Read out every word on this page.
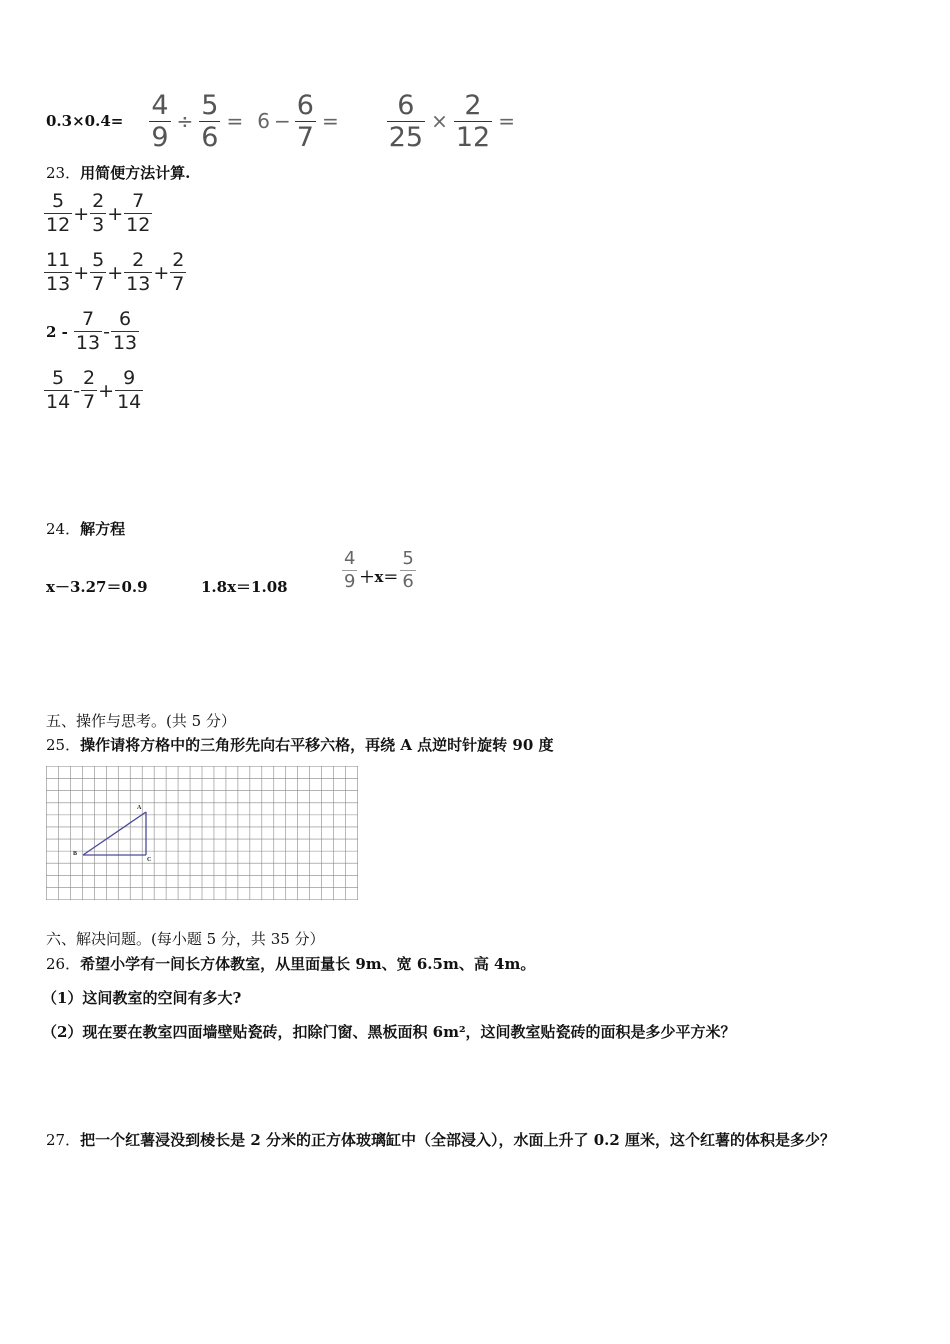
$0.3\times 0.4= \frac{4}{9} \div \frac{5}{6} = 6 - \frac{6}{7} = \frac{6}{25} \times \frac{2}{12}$ =
23．用简便方法计算.
$\frac{5}{12} + \frac{2}{3} + \frac{7}{12}$
$\frac{11}{13} + \frac{5}{7} + \frac{2}{13} + \frac{2}{7}$
$2 - \frac{7}{13} - \frac{6}{13}$
$\frac{5}{14} - \frac{2}{7} + \frac{9}{14}$
24．解方程
x－3.27＝0.9	1.8x＝1.08	$\frac{4}{9} +x= \frac{5}{6}$
五、操作与思考。(共 5 分）
25．操作请将方格中的三角形先向右平移六格，再绕 A 点逆时针旋转 90 度
A
B
C
六、解决问题。(每小题 5 分，共 35 分）
26．希望小学有一间长方体教室，从里面量长 9m、宽 6.5m、高 4m。
（1）这间教室的空间有多大?
（2）现在要在教室四面墙壁贴瓷砖，扣除门窗、黑板面积 6m²，这间教室贴瓷砖的面积是多少平方米？
27．把一个红薯浸没到棱长是 2 分米的正方体玻璃缸中（全部浸入），水面上升了 0.2 厘米，这个红薯的体积是多少？
